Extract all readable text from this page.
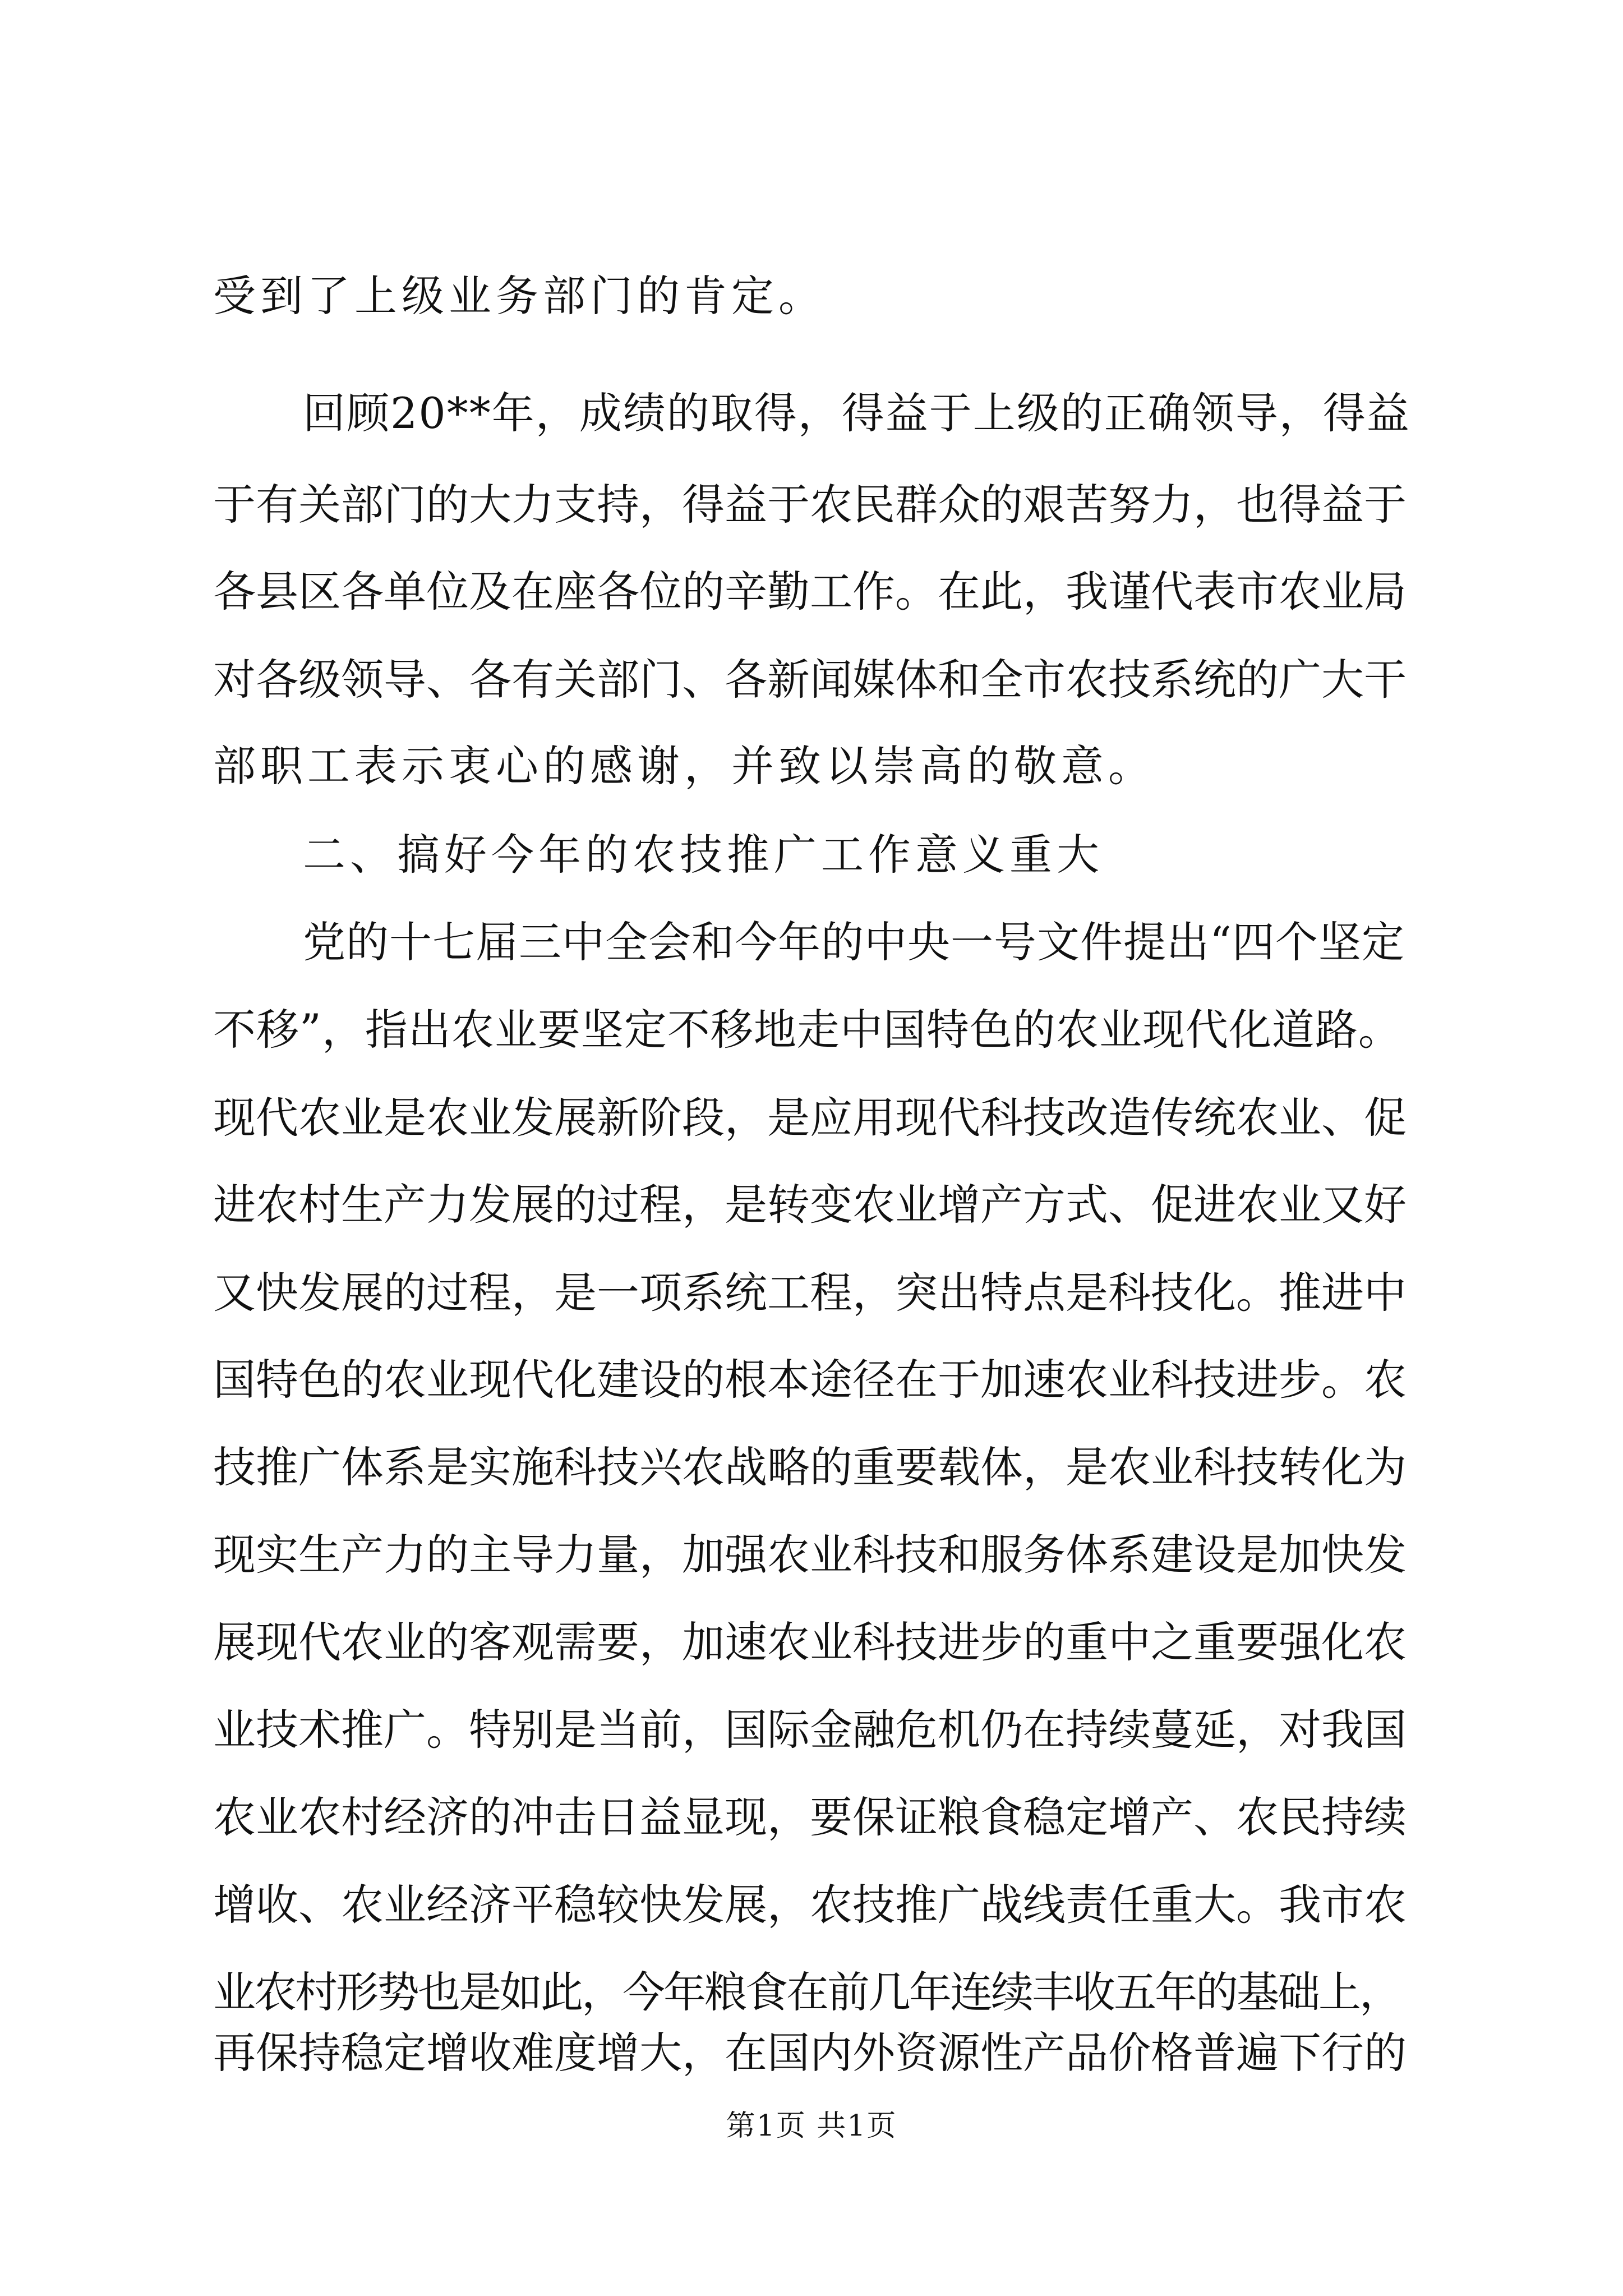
受到了上级业务部门的肯定。
回顾20**年，成绩的取得，得益于上级的正确领导，得益
于有关部门的大力支持，得益于农民群众的艰苦努力，也得益于
各县区各单位及在座各位的辛勤工作。在此，我谨代表市农业局
对各级领导、各有关部门、各新闻媒体和全市农技系统的广大干
部职工表示衷心的感谢，并致以崇高的敬意。
二、搞好今年的农技推广工作意义重大
党的十七届三中全会和今年的中央一号文件提出“四个坚定
不移”，指出农业要坚定不移地走中国特色的农业现代化道路。
现代农业是农业发展新阶段，是应用现代科技改造传统农业、促
进农村生产力发展的过程，是转变农业增产方式、促进农业又好
又快发展的过程，是一项系统工程，突出特点是科技化。推进中
国特色的农业现代化建设的根本途径在于加速农业科技进步。农
技推广体系是实施科技兴农战略的重要载体，是农业科技转化为
现实生产力的主导力量，加强农业科技和服务体系建设是加快发
展现代农业的客观需要，加速农业科技进步的重中之重要强化农
业技术推广。特别是当前，国际金融危机仍在持续蔓延，对我国
农业农村经济的冲击日益显现，要保证粮食稳定增产、农民持续
增收、农业经济平稳较快发展，农技推广战线责任重大。我市农
业农村形势也是如此，今年粮食在前几年连续丰收五年的基础上，
再保持稳定增收难度增大，在国内外资源性产品价格普遍下行的
第1页 共1页
